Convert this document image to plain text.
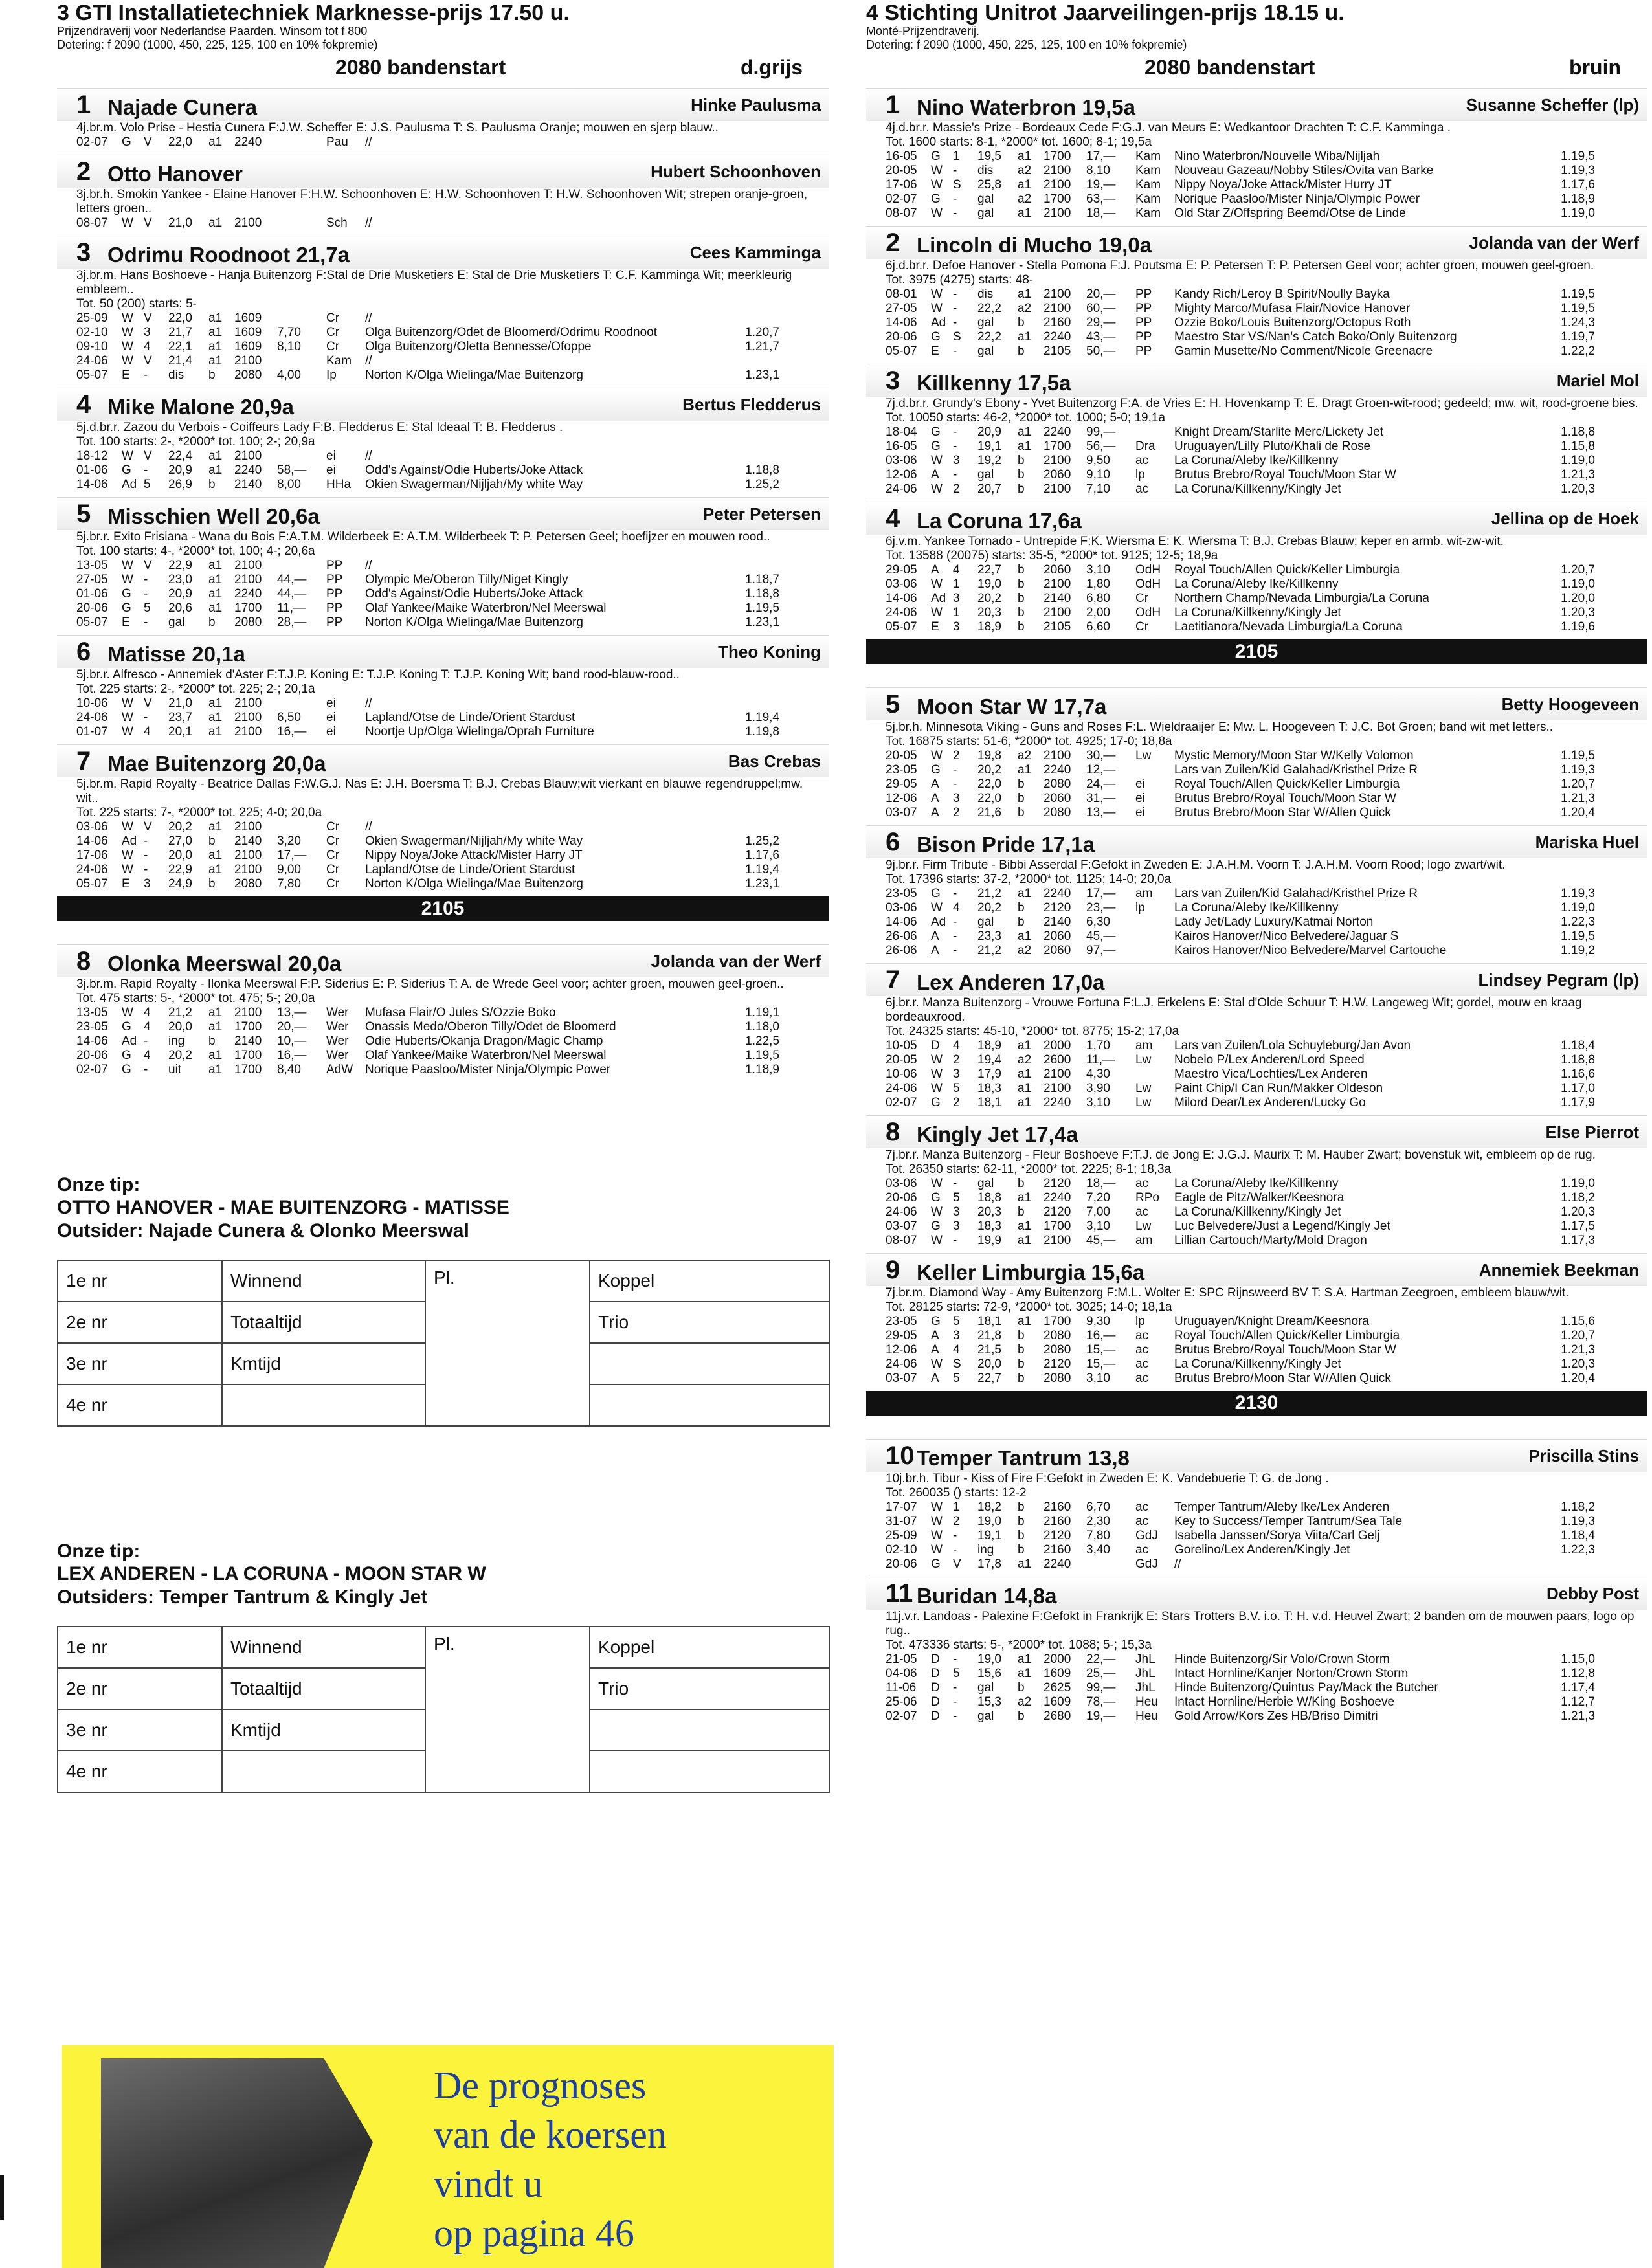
3 GTI Installatietechniek Marknesse-prijs 17.50 u.
Prijzendraverij voor Nederlandse Paarden. Winsom tot f 800
Dotering: f 2090 (1000, 450, 225, 125, 100 en 10% fokpremie)
2080 bandenstart	d.grijs
1 Najade Cunera	Hinke Paulusma
4j.br.m. Volo Prise - Hestia Cunera F:J.W. Scheffer E: J.S. Paulusma T: S. Paulusma Oranje; mouwen en sjerp blauw..
02-07	G	V	22,0	a1	2240		Pau	//	
2 Otto Hanover	Hubert Schoonhoven
3j.br.h. Smokin Yankee - Elaine Hanover F:H.W. Schoonhoven E: H.W. Schoonhoven T: H.W. Schoonhoven Wit; strepen oranje-groen, letters groen..
08-07	W	V	21,0	a1	2100		Sch	//	
3 Odrimu Roodnoot 21,7a	Cees Kamminga
3j.br.m. Hans Boshoeve - Hanja Buitenzorg F:Stal de Drie Musketiers E: Stal de Drie Musketiers T: C.F. Kamminga Wit; meerkleurig embleem..
Tot. 50 (200) starts: 5-
25-09	W	V	22,0	a1	1609		Cr	//	
02-10	W	3	21,7	a1	1609	7,70	Cr	Olga Buitenzorg/Odet de Bloomerd/Odrimu Roodnoot	1.20,7
09-10	W	4	22,1	a1	1609	8,10	Cr	Olga Buitenzorg/Oletta Bennesse/Ofoppe	1.21,7
24-06	W	V	21,4	a1	2100		Kam	//	
05-07	E	-	dis	b	2080	4,00	Ip	Norton K/Olga Wielinga/Mae Buitenzorg	1.23,1
4 Mike Malone 20,9a	Bertus Fledderus
5j.d.br.r. Zazou du Verbois - Coiffeurs Lady F:B. Fledderus E: Stal Ideaal T: B. Fledderus .
Tot. 100 starts: 2-, *2000* tot. 100; 2-; 20,9a
18-12	W	V	22,4	a1	2100		ei	//	
01-06	G	-	20,9	a1	2240	58,—	ei	Odd's Against/Odie Huberts/Joke Attack	1.18,8
14-06	Ad	5	26,9	b	2140	8,00	HHa	Okien Swagerman/Nijljah/My white Way	1.25,2
5 Misschien Well 20,6a	Peter Petersen
5j.br.r. Exito Frisiana - Wana du Bois F:A.T.M. Wilderbeek E: A.T.M. Wilderbeek T: P. Petersen Geel; hoefijzer en mouwen rood..
Tot. 100 starts: 4-, *2000* tot. 100; 4-; 20,6a
13-05	W	V	22,9	a1	2100		PP	//	
27-05	W	-	23,0	a1	2100	44,—	PP	Olympic Me/Oberon Tilly/Niget Kingly	1.18,7
01-06	G	-	20,9	a1	2240	44,—	PP	Odd's Against/Odie Huberts/Joke Attack	1.18,8
20-06	G	5	20,6	a1	1700	11,—	PP	Olaf Yankee/Maike Waterbron/Nel Meerswal	1.19,5
05-07	E	-	gal	b	2080	28,—	PP	Norton K/Olga Wielinga/Mae Buitenzorg	1.23,1
6 Matisse 20,1a	Theo Koning
5j.br.r. Alfresco - Annemiek d'Aster F:T.J.P. Koning E: T.J.P. Koning T: T.J.P. Koning Wit; band rood-blauw-rood..
Tot. 225 starts: 2-, *2000* tot. 225; 2-; 20,1a
10-06	W	V	21,0	a1	2100		ei	//	
24-06	W	-	23,7	a1	2100	6,50	ei	Lapland/Otse de Linde/Orient Stardust	1.19,4
01-07	W	4	20,1	a1	2100	16,—	ei	Noortje Up/Olga Wielinga/Oprah Furniture	1.19,8
7 Mae Buitenzorg 20,0a	Bas Crebas
5j.br.m. Rapid Royalty - Beatrice Dallas F:W.G.J. Nas E: J.H. Boersma T: B.J. Crebas Blauw;wit vierkant en blauwe regendruppel;mw. wit..
Tot. 225 starts: 7-, *2000* tot. 225; 4-0; 20,0a
03-06	W	V	20,2	a1	2100		Cr	//	
14-06	Ad	-	27,0	b	2140	3,20	Cr	Okien Swagerman/Nijljah/My white Way	1.25,2
17-06	W	-	20,0	a1	2100	17,—	Cr	Nippy Noya/Joke Attack/Mister Harry JT	1.17,6
24-06	W	-	22,9	a1	2100	9,00	Cr	Lapland/Otse de Linde/Orient Stardust	1.19,4
05-07	E	3	24,9	b	2080	7,80	Cr	Norton K/Olga Wielinga/Mae Buitenzorg	1.23,1
2105
8 Olonka Meerswal 20,0a	Jolanda van der Werf
3j.br.m. Rapid Royalty - Ilonka Meerswal F:P. Siderius E: P. Siderius T: A. de Wrede Geel voor; achter groen, mouwen geel-groen..
Tot. 475 starts: 5-, *2000* tot. 475; 5-; 20,0a
13-05	W	4	21,2	a1	2100	13,—	Wer	Mufasa Flair/O Jules S/Ozzie Boko	1.19,1
23-05	G	4	20,0	a1	1700	20,—	Wer	Onassis Medo/Oberon Tilly/Odet de Bloomerd	1.18,0
14-06	Ad	-	ing	b	2140	10,—	Wer	Odie Huberts/Okanja Dragon/Magic Champ	1.22,5
20-06	G	4	20,2	a1	1700	16,—	Wer	Olaf Yankee/Maike Waterbron/Nel Meerswal	1.19,5
02-07	G	-	uit	a1	1700	8,40	AdW	Norique Paasloo/Mister Ninja/Olympic Power	1.18,9
Onze tip:
OTTO HANOVER - MAE BUITENZORG - MATISSE
Outsider: Najade Cunera & Olonko Meerswal
1e nr	Winnend	Pl.	Koppel
2e nr	Totaaltijd		Trio
3e nr	Kmtijd		
4e nr			
Onze tip:
LEX ANDEREN - LA CORUNA - MOON STAR W
Outsiders: Temper Tantrum & Kingly Jet
1e nr	Winnend	Pl.	Koppel
2e nr	Totaaltijd		Trio
3e nr	Kmtijd		
4e nr			
De prognoses
van de koersen
vindt u
op pagina 46
4 Stichting Unitrot Jaarveilingen-prijs 18.15 u.
Monté-Prijzendraverij.
Dotering: f 2090 (1000, 450, 225, 125, 100 en 10% fokpremie)
2080 bandenstart	bruin
1 Nino Waterbron 19,5a	Susanne Scheffer (lp)
4j.d.br.r. Massie's Prize - Bordeaux Cede F:G.J. van Meurs E: Wedkantoor Drachten T: C.F. Kamminga .
Tot. 1600 starts: 8-1, *2000* tot. 1600; 8-1; 19,5a
16-05	G	1	19,5	a1	1700	17,—	Kam	Nino Waterbron/Nouvelle Wiba/Nijljah	1.19,5
20-05	W	-	dis	a2	2100	8,10	Kam	Nouveau Gazeau/Nobby Stiles/Ovita van Barke	1.19,3
17-06	W	S	25,8	a1	2100	19,—	Kam	Nippy Noya/Joke Attack/Mister Hurry JT	1.17,6
02-07	G	-	gal	a2	1700	63,—	Kam	Norique Paasloo/Mister Ninja/Olympic Power	1.18,9
08-07	W	-	gal	a1	2100	18,—	Kam	Old Star Z/Offspring Beemd/Otse de Linde	1.19,0
2 Lincoln di Mucho 19,0a	Jolanda van der Werf
6j.d.br.r. Defoe Hanover - Stella Pomona F:J. Poutsma E: P. Petersen T: P. Petersen Geel voor; achter groen, mouwen geel-groen.
Tot. 3975 (4275) starts: 48-
08-01	W	-	dis	a1	2100	20,—	PP	Kandy Rich/Leroy B Spirit/Noully Bayka	1.19,5
27-05	W	-	22,2	a2	2100	60,—	PP	Mighty Marco/Mufasa Flair/Novice Hanover	1.19,5
14-06	Ad	-	gal	b	2160	29,—	PP	Ozzie Boko/Louis Buitenzorg/Octopus Roth	1.24,3
20-06	G	S	22,2	a1	2240	43,—	PP	Maestro Star VS/Nan's Catch Boko/Only Buitenzorg	1.19,7
05-07	E	-	gal	b	2105	50,—	PP	Gamin Musette/No Comment/Nicole Greenacre	1.22,2
3 Killkenny 17,5a	Mariel Mol
7j.d.br.r. Grundy's Ebony - Yvet Buitenzorg F:A. de Vries E: H. Hovenkamp T: E. Dragt Groen-wit-rood; gedeeld; mw. wit, rood-groene bies.
Tot. 10050 starts: 46-2, *2000* tot. 1000; 5-0; 19,1a
18-04	G	-	20,9	a1	2240	99,—		Knight Dream/Starlite Merc/Lickety Jet	1.18,8
16-05	G	-	19,1	a1	1700	56,—	Dra	Uruguayen/Lilly Pluto/Khali de Rose	1.15,8
03-06	W	3	19,2	b	2100	9,50	ac	La Coruna/Aleby Ike/Killkenny	1.19,0
12-06	A	-	gal	b	2060	9,10	lp	Brutus Brebro/Royal Touch/Moon Star W	1.21,3
24-06	W	2	20,7	b	2100	7,10	ac	La Coruna/Killkenny/Kingly Jet	1.20,3
4 La Coruna 17,6a	Jellina op de Hoek
6j.v.m. Yankee Tornado - Untrepide F:K. Wiersma E: K. Wiersma T: B.J. Crebas Blauw; keper en armb. wit-zw-wit.
Tot. 13588 (20075) starts: 35-5, *2000* tot. 9125; 12-5; 18,9a
29-05	A	4	22,7	b	2060	3,10	OdH	Royal Touch/Allen Quick/Keller Limburgia	1.20,7
03-06	W	1	19,0	b	2100	1,80	OdH	La Coruna/Aleby Ike/Killkenny	1.19,0
14-06	Ad	3	20,2	b	2140	6,80	Cr	Northern Champ/Nevada Limburgia/La Coruna	1.20,0
24-06	W	1	20,3	b	2100	2,00	OdH	La Coruna/Killkenny/Kingly Jet	1.20,3
05-07	E	3	18,9	b	2105	6,60	Cr	Laetitianora/Nevada Limburgia/La Coruna	1.19,6
2105
5 Moon Star W 17,7a	Betty Hoogeveen
5j.br.h. Minnesota Viking - Guns and Roses F:L. Wieldraaijer E: Mw. L. Hoogeveen T: J.C. Bot Groen; band wit met letters..
Tot. 16875 starts: 51-6, *2000* tot. 4925; 17-0; 18,8a
20-05	W	2	19,8	a2	2100	30,—	Lw	Mystic Memory/Moon Star W/Kelly Volomon	1.19,5
23-05	G	-	20,2	a1	2240	12,—		Lars van Zuilen/Kid Galahad/Kristhel Prize R	1.19,3
29-05	A	-	22,0	b	2080	24,—	ei	Royal Touch/Allen Quick/Keller Limburgia	1.20,7
12-06	A	3	22,0	b	2060	31,—	ei	Brutus Brebro/Royal Touch/Moon Star W	1.21,3
03-07	A	2	21,6	b	2080	13,—	ei	Brutus Brebro/Moon Star W/Allen Quick	1.20,4
6 Bison Pride 17,1a	Mariska Huel
9j.br.r. Firm Tribute - Bibbi Asserdal F:Gefokt in Zweden E: J.A.H.M. Voorn T: J.A.H.M. Voorn Rood; logo zwart/wit.
Tot. 17396 starts: 37-2, *2000* tot. 1125; 14-0; 20,0a
23-05	G	-	21,2	a1	2240	17,—	am	Lars van Zuilen/Kid Galahad/Kristhel Prize R	1.19,3
03-06	W	4	20,2	b	2120	23,—	lp	La Coruna/Aleby Ike/Killkenny	1.19,0
14-06	Ad	-	gal	b	2140	6,30		Lady Jet/Lady Luxury/Katmai Norton	1.22,3
26-06	A	-	23,3	a1	2060	45,—		Kairos Hanover/Nico Belvedere/Jaguar S	1.19,5
26-06	A	-	21,2	a2	2060	97,—		Kairos Hanover/Nico Belvedere/Marvel Cartouche	1.19,2
7 Lex Anderen 17,0a	Lindsey Pegram (lp)
6j.br.r. Manza Buitenzorg - Vrouwe Fortuna F:L.J. Erkelens E: Stal d'Olde Schuur T: H.W. Langeweg Wit; gordel, mouw en kraag bordeauxrood.
Tot. 24325 starts: 45-10, *2000* tot. 8775; 15-2; 17,0a
10-05	D	4	18,9	a1	2000	1,70	am	Lars van Zuilen/Lola Schuyleburg/Jan Avon	1.18,4
20-05	W	2	19,4	a2	2600	11,—	Lw	Nobelo P/Lex Anderen/Lord Speed	1.18,8
10-06	W	3	17,9	a1	2100	4,30		Maestro Vica/Lochties/Lex Anderen	1.16,6
24-06	W	5	18,3	a1	2100	3,90	Lw	Paint Chip/I Can Run/Makker Oldeson	1.17,0
02-07	G	2	18,1	a1	2240	3,10	Lw	Milord Dear/Lex Anderen/Lucky Go	1.17,9
8 Kingly Jet 17,4a	Else Pierrot
7j.br.r. Manza Buitenzorg - Fleur Boshoeve F:T.J. de Jong E: J.G.J. Maurix T: M. Hauber Zwart; bovenstuk wit, embleem op de rug.
Tot. 26350 starts: 62-11, *2000* tot. 2225; 8-1; 18,3a
03-06	W	-	gal	b	2120	18,—	ac	La Coruna/Aleby Ike/Killkenny	1.19,0
20-06	G	5	18,8	a1	2240	7,20	RPo	Eagle de Pitz/Walker/Keesnora	1.18,2
24-06	W	3	20,3	b	2120	7,00	ac	La Coruna/Killkenny/Kingly Jet	1.20,3
03-07	G	3	18,3	a1	1700	3,10	Lw	Luc Belvedere/Just a Legend/Kingly Jet	1.17,5
08-07	W	-	19,9	a1	2100	45,—	am	Lillian Cartouch/Marty/Mold Dragon	1.17,3
9 Keller Limburgia 15,6a	Annemiek Beekman
7j.br.m. Diamond Way - Amy Buitenzorg F:M.L. Wolter E: SPC Rijnsweerd BV T: S.A. Hartman Zeegroen, embleem blauw/wit.
Tot. 28125 starts: 72-9, *2000* tot. 3025; 14-0; 18,1a
23-05	G	5	18,1	a1	1700	9,30	lp	Uruguayen/Knight Dream/Keesnora	1.15,6
29-05	A	3	21,8	b	2080	16,—	ac	Royal Touch/Allen Quick/Keller Limburgia	1.20,7
12-06	A	4	21,5	b	2080	15,—	ac	Brutus Brebro/Royal Touch/Moon Star W	1.21,3
24-06	W	S	20,0	b	2120	15,—	ac	La Coruna/Killkenny/Kingly Jet	1.20,3
03-07	A	5	22,7	b	2080	3,10	ac	Brutus Brebro/Moon Star W/Allen Quick	1.20,4
2130
10 Temper Tantrum 13,8	Priscilla Stins
10j.br.h. Tibur - Kiss of Fire F:Gefokt in Zweden E: K. Vandebuerie T: G. de Jong .
Tot. 260035 () starts: 12-2
17-07	W	1	18,2	b	2160	6,70	ac	Temper Tantrum/Aleby Ike/Lex Anderen	1.18,2
31-07	W	2	19,0	b	2160	2,30	ac	Key to Success/Temper Tantrum/Sea Tale	1.19,3
25-09	W	-	19,1	b	2120	7,80	GdJ	Isabella Janssen/Sorya Viita/Carl Gelj	1.18,4
02-10	W	-	ing	b	2160	3,40	ac	Gorelino/Lex Anderen/Kingly Jet	1.22,3
20-06	G	V	17,8	a1	2240		GdJ	//	
11 Buridan 14,8a	Debby Post
11j.v.r. Landoas - Palexine F:Gefokt in Frankrijk E: Stars Trotters B.V. i.o. T: H. v.d. Heuvel Zwart; 2 banden om de mouwen paars, logo op rug..
Tot. 473336 starts: 5-, *2000* tot. 1088; 5-; 15,3a
21-05	D	-	19,0	a1	2000	22,—	JhL	Hinde Buitenzorg/Sir Volo/Crown Storm	1.15,0
04-06	D	5	15,6	a1	1609	25,—	JhL	Intact Hornline/Kanjer Norton/Crown Storm	1.12,8
11-06	D	-	gal	b	2625	99,—	JhL	Hinde Buitenzorg/Quintus Pay/Mack the Butcher	1.17,4
25-06	D	-	15,3	a2	1609	78,—	Heu	Intact Hornline/Herbie W/King Boshoeve	1.12,7
02-07	D	-	gal	b	2680	19,—	Heu	Gold Arrow/Kors Zes HB/Briso Dimitri	1.21,3
